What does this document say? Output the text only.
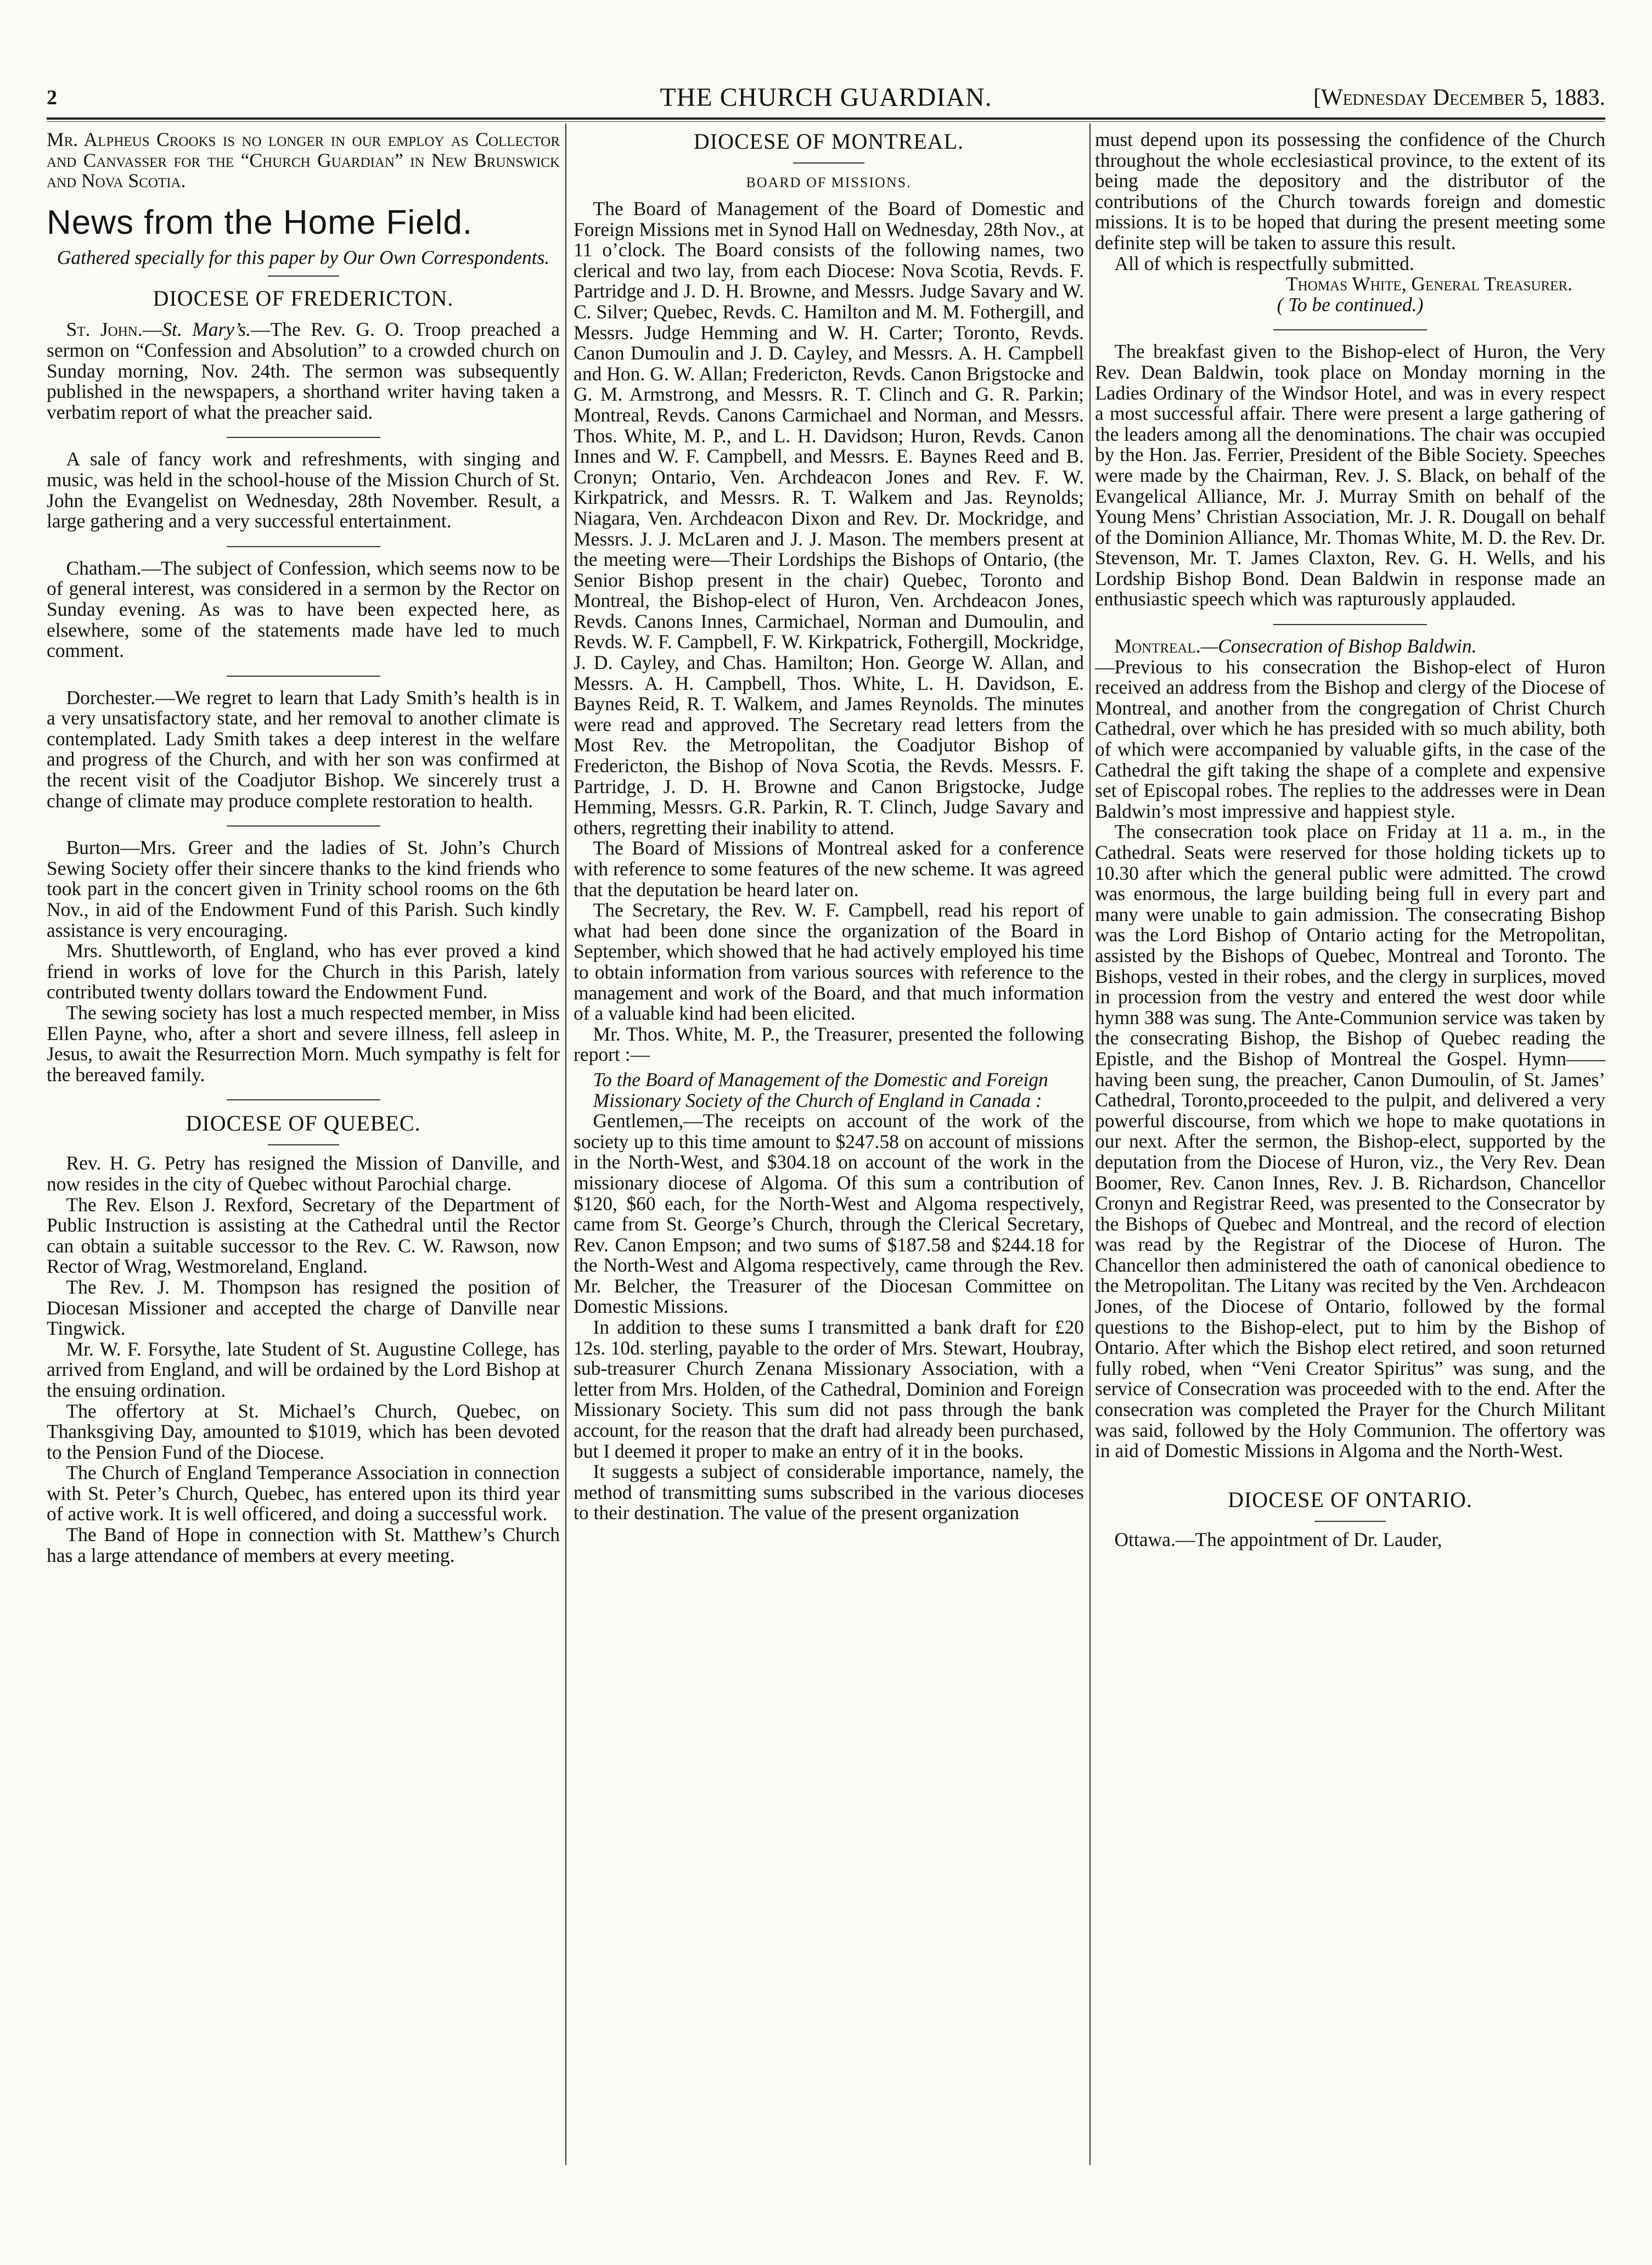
2	THE CHURCH GUARDIAN.	[Wednesday December 5, 1883.

Mr. Alpheus Crooks is no longer in our employ as Collector and Canvasser for the “Church Guardian” in New Brunswick and Nova Scotia.

News from the Home Field.
Gathered specially for this paper by Our Own Correspondents.
DIOCESE OF FREDERICTON.

St. John.—St. Mary’s.—The Rev. G. O. Troop preached a sermon on “Confession and Absolution” to a crowded church on Sunday morning, Nov. 24th. The sermon was subsequently published in the newspapers, a shorthand writer having taken a verbatim report of what the preacher said.

A sale of fancy work and refreshments, with singing and music, was held in the school-house of the Mission Church of St. John the Evangelist on Wednesday, 28th November. Result, a large gathering and a very successful entertainment.

Chatham.—The subject of Confession, which seems now to be of general interest, was considered in a sermon by the Rector on Sunday evening. As was to have been expected here, as elsewhere, some of the statements made have led to much comment.

Dorchester.—We regret to learn that Lady Smith’s health is in a very unsatisfactory state, and her removal to another climate is contemplated. Lady Smith takes a deep interest in the welfare and progress of the Church, and with her son was confirmed at the recent visit of the Coadjutor Bishop. We sincerely trust a change of climate may produce complete restoration to health.

Burton—Mrs. Greer and the ladies of St. John’s Church Sewing Society offer their sincere thanks to the kind friends who took part in the concert given in Trinity school rooms on the 6th Nov., in aid of the Endowment Fund of this Parish. Such kindly assistance is very encouraging.

Mrs. Shuttleworth, of England, who has ever proved a kind friend in works of love for the Church in this Parish, lately contributed twenty dollars toward the Endowment Fund.

The sewing society has lost a much respected member, in Miss Ellen Payne, who, after a short and severe illness, fell asleep in Jesus, to await the Resurrection Morn. Much sympathy is felt for the bereaved family.

DIOCESE OF QUEBEC.

Rev. H. G. Petry has resigned the Mission of Danville, and now resides in the city of Quebec without Parochial charge.

The Rev. Elson J. Rexford, Secretary of the Department of Public Instruction is assisting at the Cathedral until the Rector can obtain a suitable successor to the Rev. C. W. Rawson, now Rector of Wrag, Westmoreland, England.

The Rev. J. M. Thompson has resigned the position of Diocesan Missioner and accepted the charge of Danville near Tingwick.

Mr. W. F. Forsythe, late Student of St. Augustine College, has arrived from England, and will be ordained by the Lord Bishop at the ensuing ordination.

The offertory at St. Michael’s Church, Quebec, on Thanksgiving Day, amounted to $1019, which has been devoted to the Pension Fund of the Diocese.

The Church of England Temperance Association in connection with St. Peter’s Church, Quebec, has entered upon its third year of active work. It is well officered, and doing a successful work.

The Band of Hope in connection with St. Matthew’s Church has a large attendance of members at every meeting.

DIOCESE OF MONTREAL.
BOARD OF MISSIONS.

The Board of Management of the Board of Domestic and Foreign Missions met in Synod Hall on Wednesday, 28th Nov., at 11 o’clock. The Board consists of the following names, two clerical and two lay, from each Diocese: Nova Scotia, Revds. F. Partridge and J. D. H. Browne, and Messrs. Judge Savary and W. C. Silver; Quebec, Revds. C. Hamilton and M. M. Fothergill, and Messrs. Judge Hemming and W. H. Carter; Toronto, Revds. Canon Dumoulin and J. D. Cayley, and Messrs. A. H. Campbell and Hon. G. W. Allan; Fredericton, Revds. Canon Brigstocke and G. M. Armstrong, and Messrs. R. T. Clinch and G. R. Parkin; Montreal, Revds. Canons Carmichael and Norman, and Messrs. Thos. White, M. P., and L. H. Davidson; Huron, Revds. Canon Innes and W. F. Campbell, and Messrs. E. Baynes Reed and B. Cronyn; Ontario, Ven. Archdeacon Jones and Rev. F. W. Kirkpatrick, and Messrs. R. T. Walkem and Jas. Reynolds; Niagara, Ven. Archdeacon Dixon and Rev. Dr. Mockridge, and Messrs. J. J. McLaren and J. J. Mason. The members present at the meeting were—Their Lordships the Bishops of Ontario, (the Senior Bishop present in the chair) Quebec, Toronto and Montreal, the Bishop-elect of Huron, Ven. Archdeacon Jones, Revds. Canons Innes, Carmichael, Norman and Dumoulin, and Revds. W. F. Campbell, F. W. Kirkpatrick, Fothergill, Mockridge, J. D. Cayley, and Chas. Hamilton; Hon. George W. Allan, and Messrs. A. H. Campbell, Thos. White, L. H. Davidson, E. Baynes Reid, R. T. Walkem, and James Reynolds. The minutes were read and approved. The Secretary read letters from the Most Rev. the Metropolitan, the Coadjutor Bishop of Fredericton, the Bishop of Nova Scotia, the Revds. Messrs. F. Partridge, J. D. H. Browne and Canon Brigstocke, Judge Hemming, Messrs. G.R. Parkin, R. T. Clinch, Judge Savary and others, regretting their inability to attend.

The Board of Missions of Montreal asked for a conference with reference to some features of the new scheme. It was agreed that the deputation be heard later on.

The Secretary, the Rev. W. F. Campbell, read his report of what had been done since the organization of the Board in September, which showed that he had actively employed his time to obtain information from various sources with reference to the management and work of the Board, and that much information of a valuable kind had been elicited.

Mr. Thos. White, M. P., the Treasurer, presented the following report :—

To the Board of Management of the Domestic and Foreign Missionary Society of the Church of England in Canada :

Gentlemen,—The receipts on account of the work of the society up to this time amount to $247.58 on account of missions in the North-West, and $304.18 on account of the work in the missionary diocese of Algoma. Of this sum a contribution of $120, $60 each, for the North-West and Algoma respectively, came from St. George’s Church, through the Clerical Secretary, Rev. Canon Empson; and two sums of $187.58 and $244.18 for the North-West and Algoma respectively, came through the Rev. Mr. Belcher, the Treasurer of the Diocesan Committee on Domestic Missions.

In addition to these sums I transmitted a bank draft for £20 12s. 10d. sterling, payable to the order of Mrs. Stewart, Houbray, sub-treasurer Church Zenana Missionary Association, with a letter from Mrs. Holden, of the Cathedral, Dominion and Foreign Missionary Society. This sum did not pass through the bank account, for the reason that the draft had already been purchased, but I deemed it proper to make an entry of it in the books.

It suggests a subject of considerable importance, namely, the method of transmitting sums subscribed in the various dioceses to their destination. The value of the present organization

must depend upon its possessing the confidence of the Church throughout the whole ecclesiastical province, to the extent of its being made the depository and the distributor of the contributions of the Church towards foreign and domestic missions. It is to be hoped that during the present meeting some definite step will be taken to assure this result.

All of which is respectfully submitted.

Thomas White, General Treasurer.
( To be continued.)

The breakfast given to the Bishop-elect of Huron, the Very Rev. Dean Baldwin, took place on Monday morning in the Ladies Ordinary of the Windsor Hotel, and was in every respect a most successful affair. There were present a large gathering of the leaders among all the denominations. The chair was occupied by the Hon. Jas. Ferrier, President of the Bible Society. Speeches were made by the Chairman, Rev. J. S. Black, on behalf of the Evangelical Alliance, Mr. J. Murray Smith on behalf of the Young Mens’ Christian Association, Mr. J. R. Dougall on behalf of the Dominion Alliance, Mr. Thomas White, M. D. the Rev. Dr. Stevenson, Mr. T. James Claxton, Rev. G. H. Wells, and his Lordship Bishop Bond. Dean Baldwin in response made an enthusiastic speech which was rapturously applauded.

Montreal.—Consecration of Bishop Baldwin.
—Previous to his consecration the Bishop-elect of Huron received an address from the Bishop and clergy of the Diocese of Montreal, and another from the congregation of Christ Church Cathedral, over which he has presided with so much ability, both of which were accompanied by valuable gifts, in the case of the Cathedral the gift taking the shape of a complete and expensive set of Episcopal robes. The replies to the addresses were in Dean Baldwin’s most impressive and happiest style.

The consecration took place on Friday at 11 a. m., in the Cathedral. Seats were reserved for those holding tickets up to 10.30 after which the general public were admitted. The crowd was enormous, the large building being full in every part and many were unable to gain admission. The consecrating Bishop was the Lord Bishop of Ontario acting for the Metropolitan, assisted by the Bishops of Quebec, Montreal and Toronto. The Bishops, vested in their robes, and the clergy in surplices, moved in procession from the vestry and entered the west door while hymn 388 was sung. The Ante-Communion service was taken by the consecrating Bishop, the Bishop of Quebec reading the Epistle, and the Bishop of Montreal the Gospel. Hymn——having been sung, the preacher, Canon Dumoulin, of St. James’ Cathedral, Toronto,proceeded to the pulpit, and delivered a very powerful discourse, from which we hope to make quotations in our next. After the sermon, the Bishop-elect, supported by the deputation from the Diocese of Huron, viz., the Very Rev. Dean Boomer, Rev. Canon Innes, Rev. J. B. Richardson, Chancellor Cronyn and Registrar Reed, was presented to the Consecrator by the Bishops of Quebec and Montreal, and the record of election was read by the Registrar of the Diocese of Huron. The Chancellor then administered the oath of canonical obedience to the Metropolitan. The Litany was recited by the Ven. Archdeacon Jones, of the Diocese of Ontario, followed by the formal questions to the Bishop-elect, put to him by the Bishop of Ontario. After which the Bishop elect retired, and soon returned fully robed, when “Veni Creator Spiritus” was sung, and the service of Consecration was proceeded with to the end. After the consecration was completed the Prayer for the Church Militant was said, followed by the Holy Communion. The offertory was in aid of Domestic Missions in Algoma and the North-West.

DIOCESE OF ONTARIO.

Ottawa.—The appointment of Dr. Lauder,
